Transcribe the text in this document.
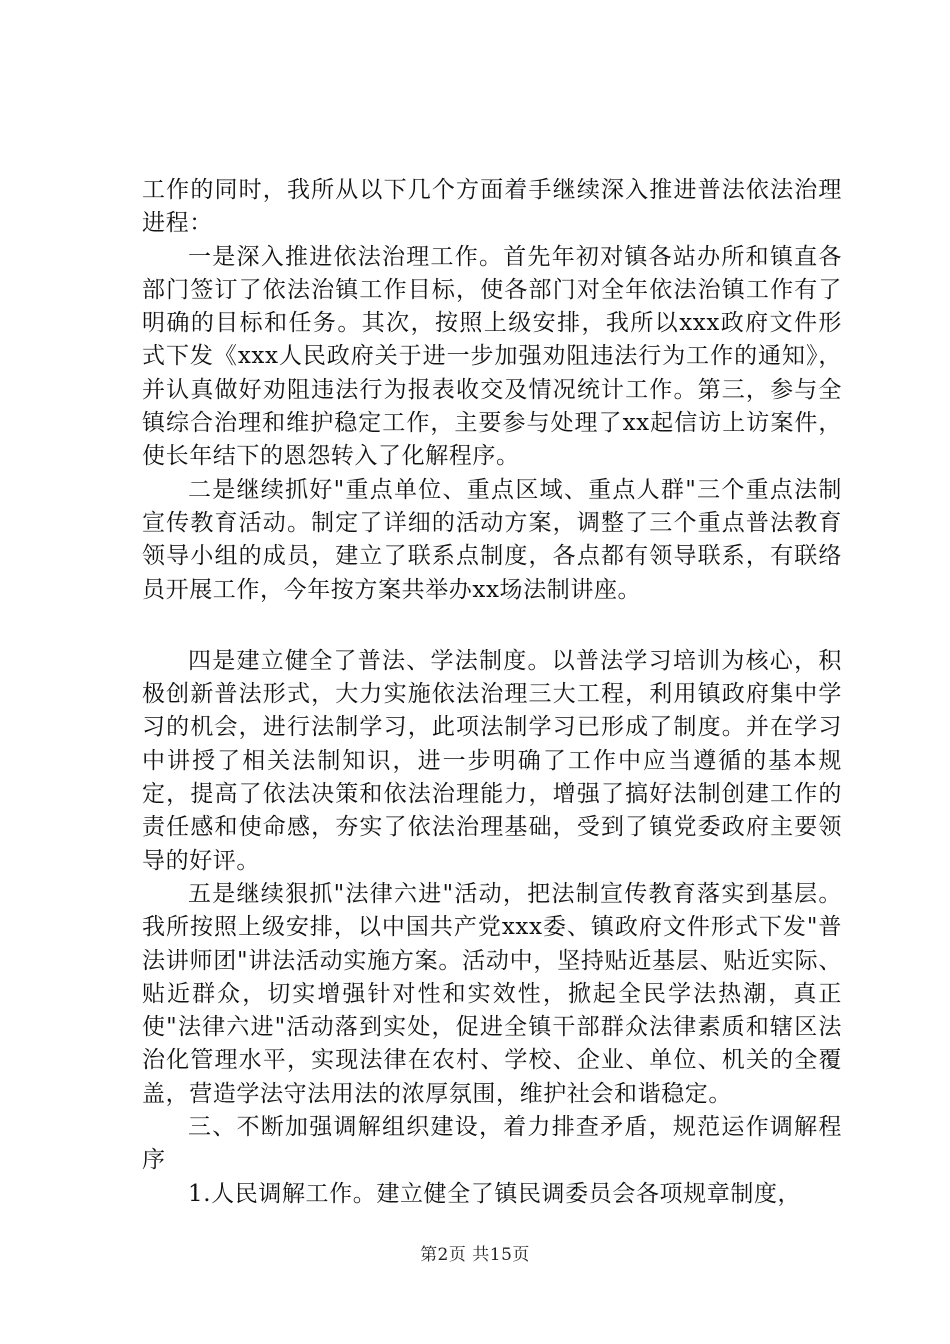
工作的同时，我所从以下几个方面着手继续深入推进普法依法治理进程：

一是深入推进依法治理工作。首先年初对镇各站办所和镇直各部门签订了依法治镇工作目标，使各部门对全年依法治镇工作有了明确的目标和任务。其次，按照上级安排，我所以xxx政府文件形式下发《xxx人民政府关于进一步加强劝阻违法行为工作的通知》，并认真做好劝阻违法行为报表收交及情况统计工作。第三，参与全镇综合治理和维护稳定工作，主要参与处理了xx起信访上访案件，使长年结下的恩怨转入了化解程序。

二是继续抓好"重点单位、重点区域、重点人群"三个重点法制宣传教育活动。制定了详细的活动方案，调整了三个重点普法教育领导小组的成员，建立了联系点制度，各点都有领导联系，有联络员开展工作，今年按方案共举办xx场法制讲座。

四是建立健全了普法、学法制度。以普法学习培训为核心，积极创新普法形式，大力实施依法治理三大工程，利用镇政府集中学习的机会，进行法制学习，此项法制学习已形成了制度。并在学习中讲授了相关法制知识，进一步明确了工作中应当遵循的基本规定，提高了依法决策和依法治理能力，增强了搞好法制创建工作的责任感和使命感，夯实了依法治理基础，受到了镇党委政府主要领导的好评。

五是继续狠抓"法律六进"活动，把法制宣传教育落实到基层。我所按照上级安排，以中国共产党xxx委、镇政府文件形式下发"普法讲师团"讲法活动实施方案。活动中，坚持贴近基层、贴近实际、贴近群众，切实增强针对性和实效性，掀起全民学法热潮，真正使"法律六进"活动落到实处，促进全镇干部群众法律素质和辖区法治化管理水平，实现法律在农村、学校、企业、单位、机关的全覆盖，营造学法守法用法的浓厚氛围，维护社会和谐稳定。

三、不断加强调解组织建设，着力排查矛盾，规范运作调解程序

1.人民调解工作。建立健全了镇民调委员会各项规章制度，

第2页 共15页
